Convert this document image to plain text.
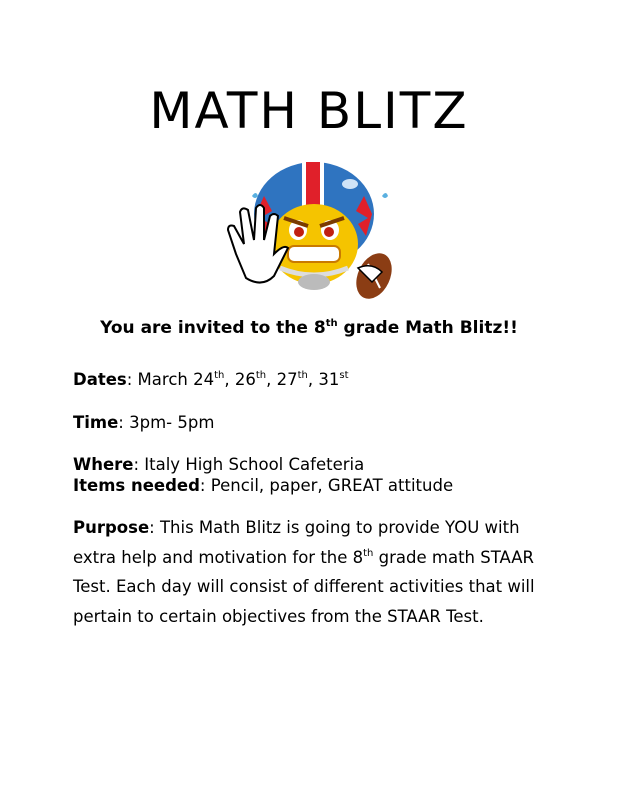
MATH BLITZ
You are invited to the 8th grade Math Blitz!!
Dates: March 24th, 26th, 27th, 31st
Time: 3pm- 5pm
Where: Italy High School Cafeteria
Items needed: Pencil, paper, GREAT attitude
Purpose: This Math Blitz is going to provide YOU with extra help and motivation for the 8th grade math STAAR Test. Each day will consist of different activities that will pertain to certain objectives from the STAAR Test.
